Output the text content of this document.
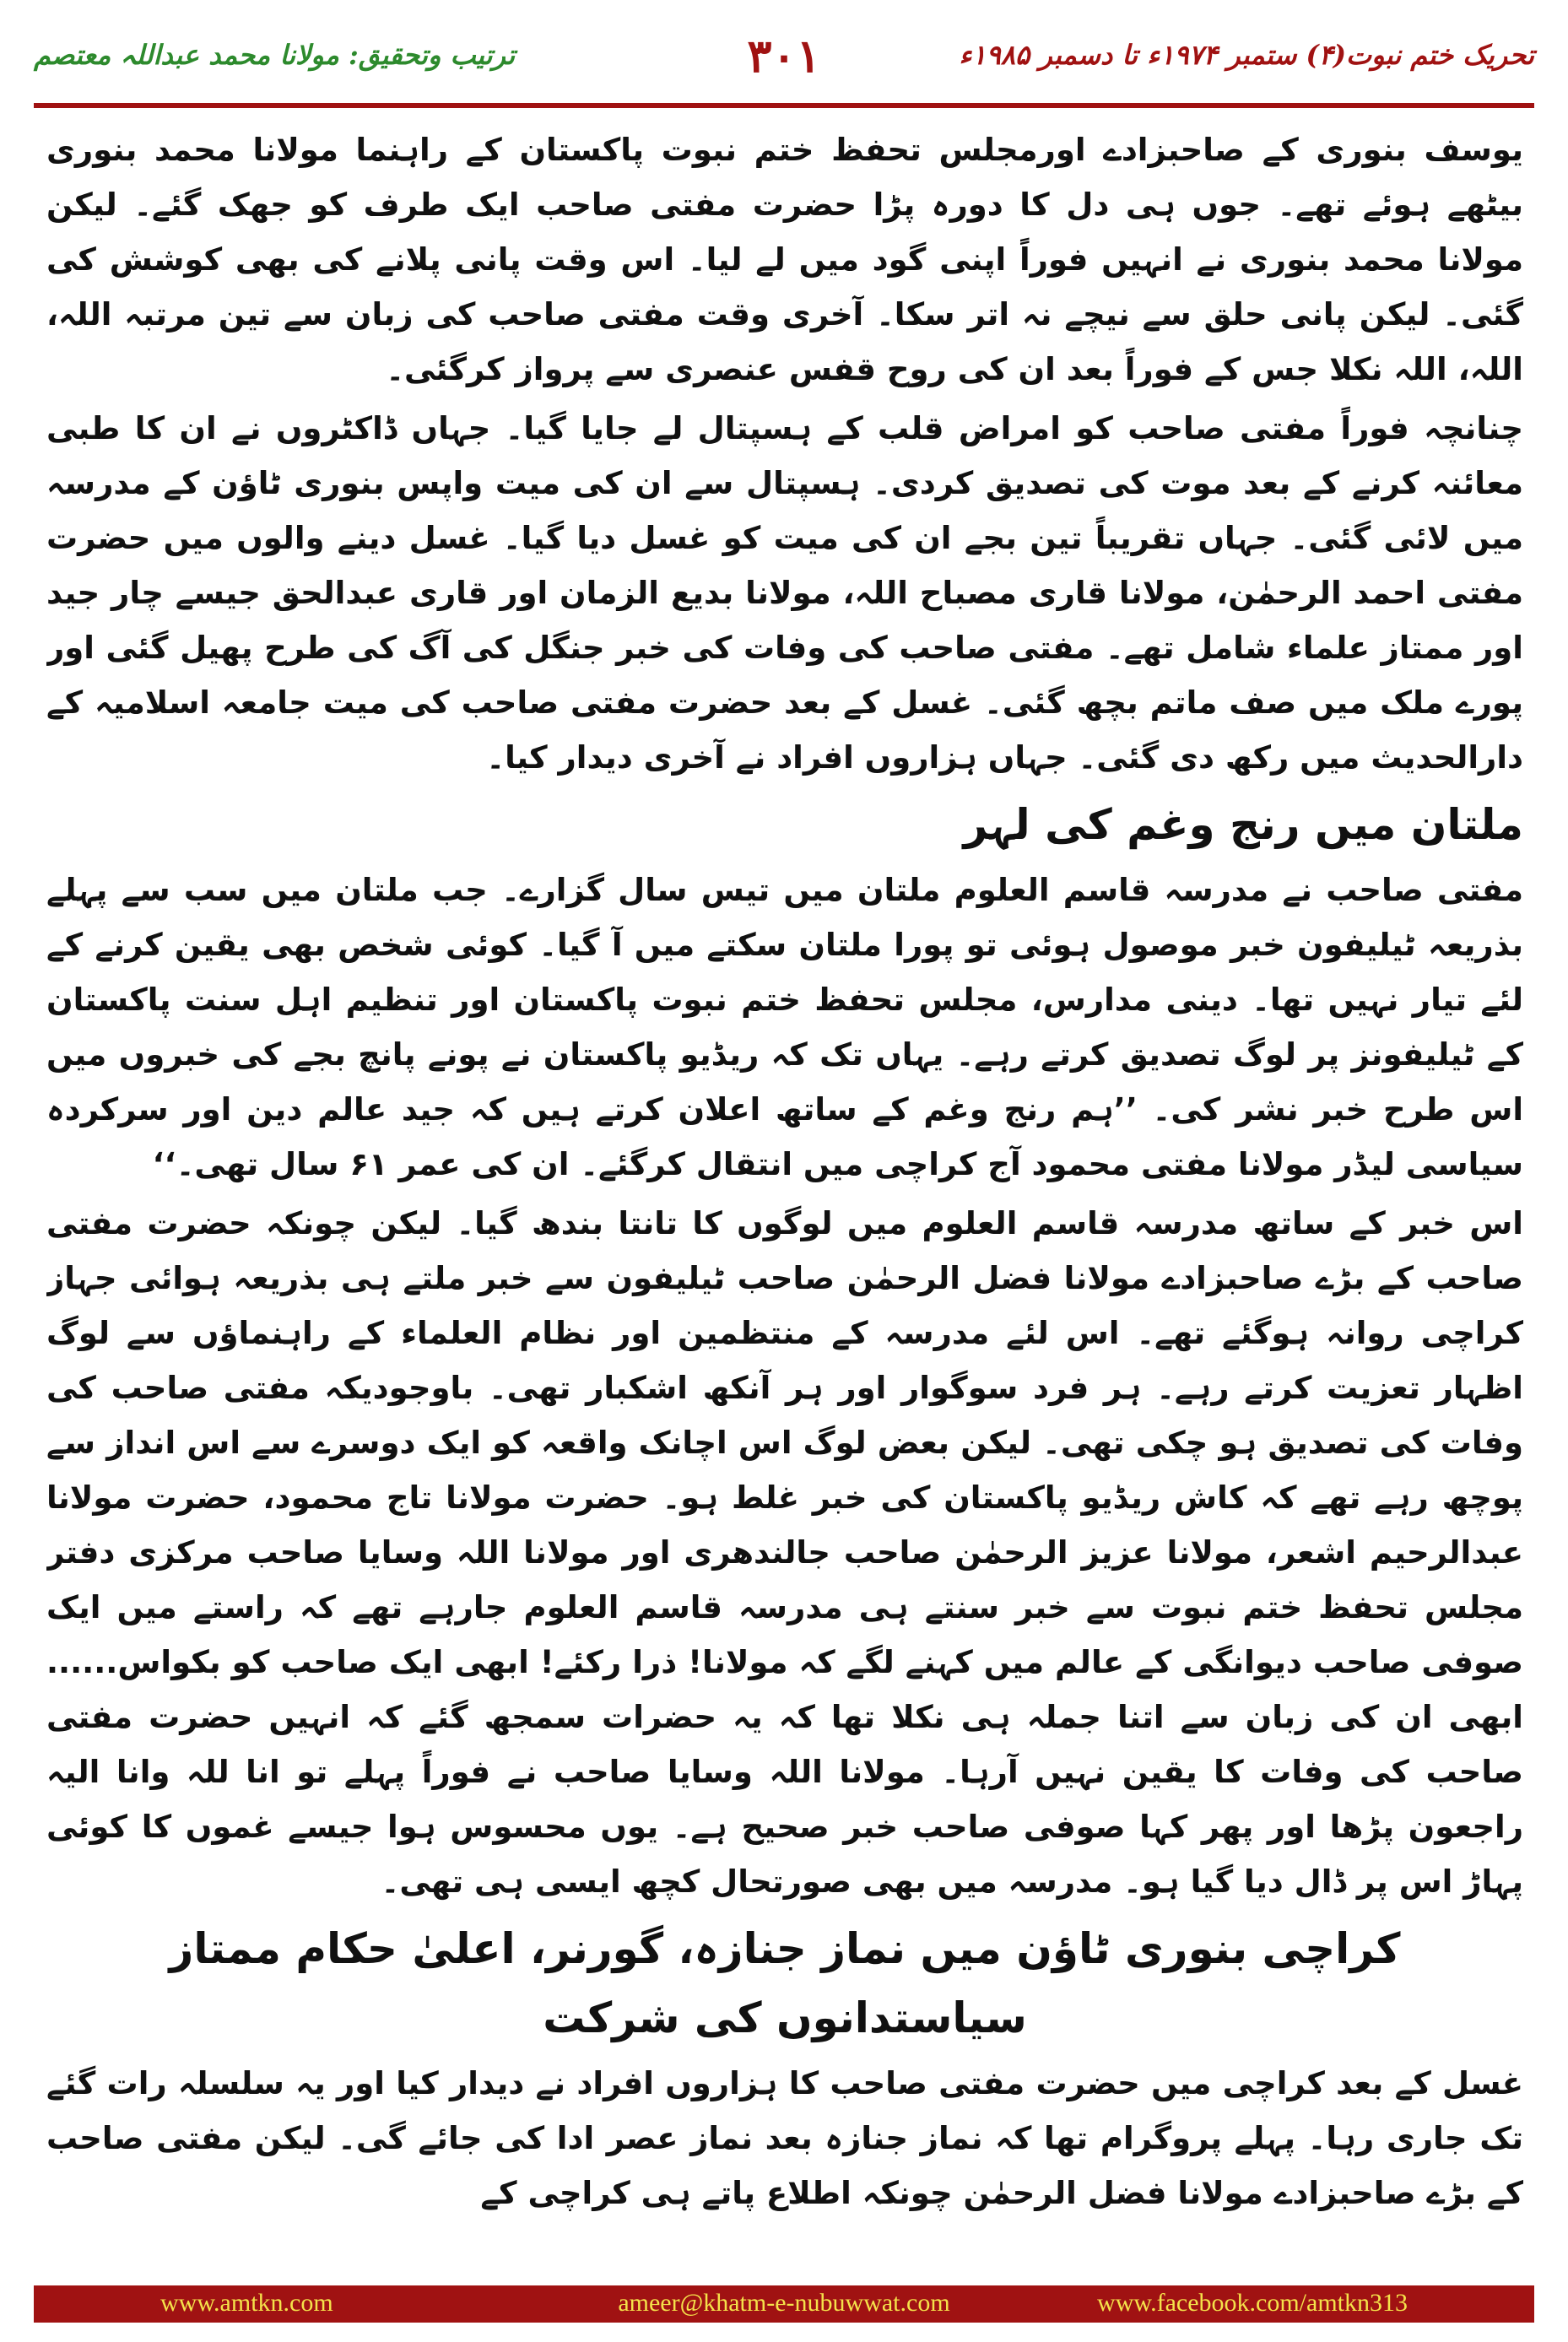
ترتیب وتحقیق: مولانا محمد عبداللہ معتصم	۳۰۱	تحریک ختم نبوت(۴) ستمبر ۱۹۷۴ء تا دسمبر ۱۹۸۵ء

یوسف بنوری کے صاحبزادے اورمجلس تحفظ ختم نبوت پاکستان کے راہنما مولانا محمد بنوری بیٹھے ہوئے تھے۔ جوں ہی دل کا دورہ پڑا حضرت مفتی صاحب ایک طرف کو جھک گئے۔ لیکن مولانا محمد بنوری نے انہیں فوراً اپنی گود میں لے لیا۔ اس وقت پانی پلانے کی بھی کوشش کی گئی۔ لیکن پانی حلق سے نیچے نہ اتر سکا۔ آخری وقت مفتی صاحب کی زبان سے تین مرتبہ اللہ، اللہ، اللہ نکلا جس کے فوراً بعد ان کی روح قفس عنصری سے پرواز کرگئی۔

چنانچہ فوراً مفتی صاحب کو امراض قلب کے ہسپتال لے جایا گیا۔ جہاں ڈاکٹروں نے ان کا طبی معائنہ کرنے کے بعد موت کی تصدیق کردی۔ ہسپتال سے ان کی میت واپس بنوری ٹاؤن کے مدرسہ میں لائی گئی۔ جہاں تقریباً تین بجے ان کی میت کو غسل دیا گیا۔ غسل دینے والوں میں حضرت مفتی احمد الرحمٰن، مولانا قاری مصباح اللہ، مولانا بدیع الزمان اور قاری عبدالحق جیسے چار جید اور ممتاز علماء شامل تھے۔ مفتی صاحب کی وفات کی خبر جنگل کی آگ کی طرح پھیل گئی اور پورے ملک میں صف ماتم بچھ گئی۔ غسل کے بعد حضرت مفتی صاحب کی میت جامعہ اسلامیہ کے دارالحدیث میں رکھ دی گئی۔ جہاں ہزاروں افراد نے آخری دیدار کیا۔

ملتان میں رنج وغم کی لہر

مفتی صاحب نے مدرسہ قاسم العلوم ملتان میں تیس سال گزارے۔ جب ملتان میں سب سے پہلے بذریعہ ٹیلیفون خبر موصول ہوئی تو پورا ملتان سکتے میں آ گیا۔ کوئی شخص بھی یقین کرنے کے لئے تیار نہیں تھا۔ دینی مدارس، مجلس تحفظ ختم نبوت پاکستان اور تنظیم اہل سنت پاکستان کے ٹیلیفونز پر لوگ تصدیق کرتے رہے۔ یہاں تک کہ ریڈیو پاکستان نے پونے پانچ بجے کی خبروں میں اس طرح خبر نشر کی۔ ’’ہم رنج وغم کے ساتھ اعلان کرتے ہیں کہ جید عالم دین اور سرکردہ سیاسی لیڈر مولانا مفتی محمود آج کراچی میں انتقال کرگئے۔ ان کی عمر ۶۱ سال تھی۔‘‘

اس خبر کے ساتھ مدرسہ قاسم العلوم میں لوگوں کا تانتا بندھ گیا۔ لیکن چونکہ حضرت مفتی صاحب کے بڑے صاحبزادے مولانا فضل الرحمٰن صاحب ٹیلیفون سے خبر ملتے ہی بذریعہ ہوائی جہاز کراچی روانہ ہوگئے تھے۔ اس لئے مدرسہ کے منتظمین اور نظام العلماء کے راہنماؤں سے لوگ اظہار تعزیت کرتے رہے۔ ہر فرد سوگوار اور ہر آنکھ اشکبار تھی۔ باوجودیکہ مفتی صاحب کی وفات کی تصدیق ہو چکی تھی۔ لیکن بعض لوگ اس اچانک واقعہ کو ایک دوسرے سے اس انداز سے پوچھ رہے تھے کہ کاش ریڈیو پاکستان کی خبر غلط ہو۔ حضرت مولانا تاج محمود، حضرت مولانا عبدالرحیم اشعر، مولانا عزیز الرحمٰن صاحب جالندھری اور مولانا اللہ وسایا صاحب مرکزی دفتر مجلس تحفظ ختم نبوت سے خبر سنتے ہی مدرسہ قاسم العلوم جارہے تھے کہ راستے میں ایک صوفی صاحب دیوانگی کے عالم میں کہنے لگے کہ مولانا! ذرا رکئے! ابھی ایک صاحب کو بکواس...... ابھی ان کی زبان سے اتنا جملہ ہی نکلا تھا کہ یہ حضرات سمجھ گئے کہ انہیں حضرت مفتی صاحب کی وفات کا یقین نہیں آرہا۔ مولانا اللہ وسایا صاحب نے فوراً پہلے تو انا للہ وانا الیہ راجعون پڑھا اور پھر کہا صوفی صاحب خبر صحیح ہے۔ یوں محسوس ہوا جیسے غموں کا کوئی پہاڑ اس پر ڈال دیا گیا ہو۔ مدرسہ میں بھی صورتحال کچھ ایسی ہی تھی۔

کراچی بنوری ٹاؤن میں نماز جنازہ، گورنر، اعلیٰ حکام ممتاز سیاستدانوں کی شرکت

غسل کے بعد کراچی میں حضرت مفتی صاحب کا ہزاروں افراد نے دیدار کیا اور یہ سلسلہ رات گئے تک جاری رہا۔ پہلے پروگرام تھا کہ نماز جنازہ بعد نماز عصر ادا کی جائے گی۔ لیکن مفتی صاحب کے بڑے صاحبزادے مولانا فضل الرحمٰن چونکہ اطلاع پاتے ہی کراچی کے

www.amtkn.com	ameer@khatm-e-nubuwwat.com	www.facebook.com/amtkn313
